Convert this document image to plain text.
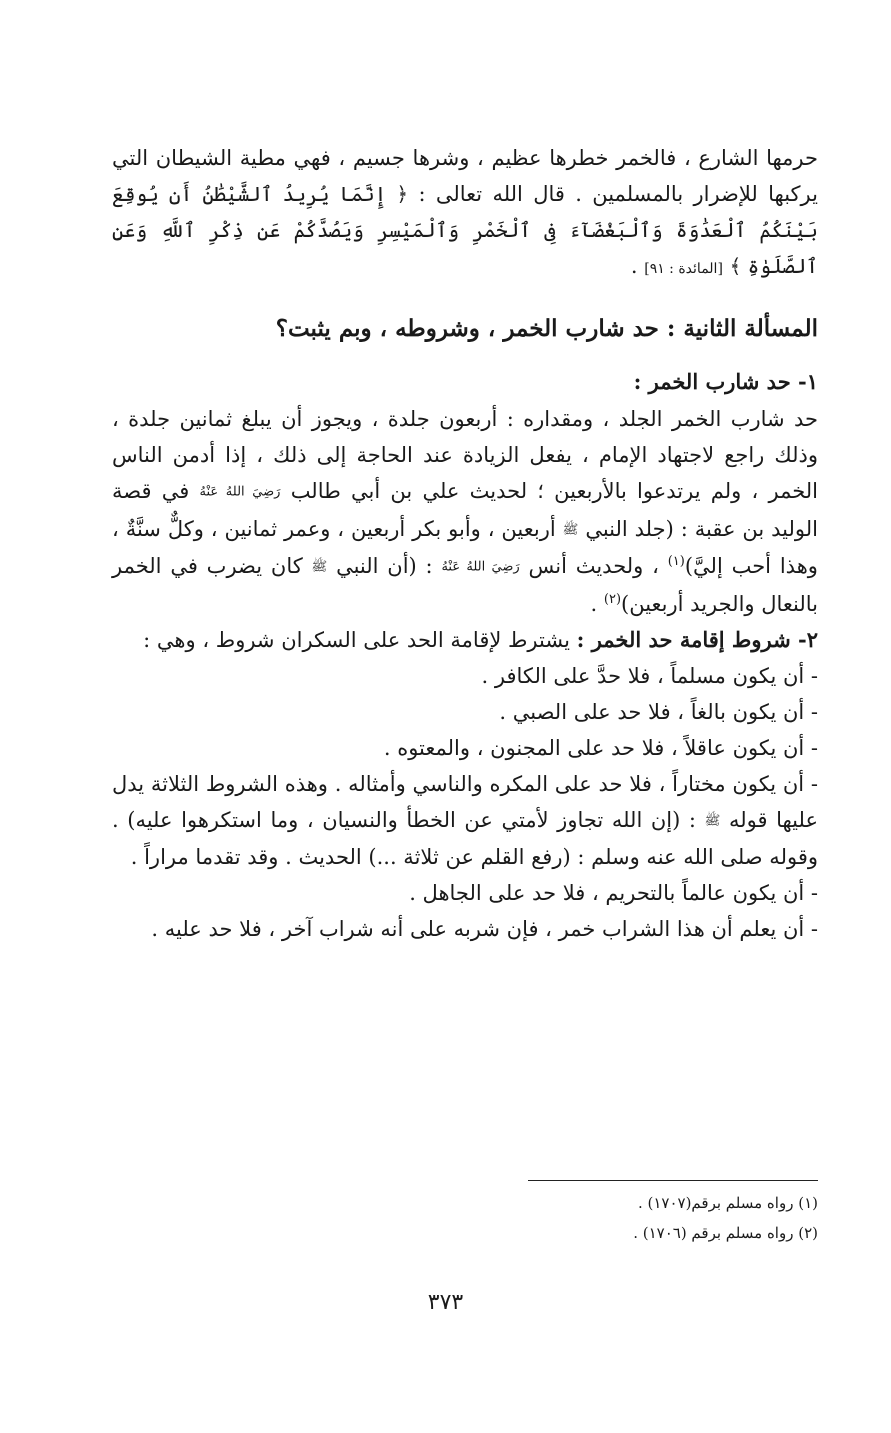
حرمها الشارع ، فالخمر خطرها عظيم ، وشرها جسيم ، فهي مطية الشيطان التي يركبها للإضرار بالمسلمين . قال الله تعالى : ﴿ إِنَّمَا يُرِيدُ ٱلشَّيْطَٰنُ أَن يُوقِعَ بَيْنَكُمُ ٱلْعَدَٰوَةَ وَٱلْبَغْضَآءَ فِى ٱلْخَمْرِ وَٱلْمَيْسِرِ وَيَصُدَّكُمْ عَن ذِكْرِ ٱللَّهِ وَعَنِ ٱلصَّلَوٰةِ ﴾ [المائدة : ٩١] .

المسألة الثانية : حد شارب الخمر ، وشروطه ، وبم يثبت؟
١- حد شارب الخمر :

حد شارب الخمر الجلد ، ومقداره : أربعون جلدة ، ويجوز أن يبلغ ثمانين جلدة ، وذلك راجع لاجتهاد الإمام ، يفعل الزيادة عند الحاجة إلى ذلك ، إذا أدمن الناس الخمر ، ولم يرتدعوا بالأربعين ؛ لحديث علي بن أبي طالب رَضِيَ اللهُ عَنْهُ في قصة الوليد بن عقبة : (جلد النبي ﷺ أربعين ، وأبو بكر أربعين ، وعمر ثمانين ، وكلٌّ سنَّةٌ ، وهذا أحب إليَّ)$^{(١)}$ ، ولحديث أنس رَضِيَ اللهُ عَنْهُ : (أن النبي ﷺ كان يضرب في الخمر بالنعال والجريد أربعين)$^{(٢)}$ .

٢- شروط إقامة حد الخمر : يشترط لإقامة الحد على السكران شروط ، وهي :

- أن يكون مسلماً ، فلا حدَّ على الكافر .

- أن يكون بالغاً ، فلا حد على الصبي .

- أن يكون عاقلاً ، فلا حد على المجنون ، والمعتوه .

- أن يكون مختاراً ، فلا حد على المكره والناسي وأمثاله . وهذه الشروط الثلاثة يدل عليها قوله ﷺ : (إن الله تجاوز لأمتي عن الخطأ والنسيان ، وما استكرهوا عليه) . وقوله صلى الله عنه وسلم : (رفع القلم عن ثلاثة ...) الحديث . وقد تقدما مراراً .

- أن يكون عالماً بالتحريم ، فلا حد على الجاهل .

- أن يعلم أن هذا الشراب خمر ، فإن شربه على أنه شراب آخر ، فلا حد عليه .

(١) رواه مسلم برقم(١٧٠٧) .

(٢) رواه مسلم برقم (١٧٠٦) .

٣٧٣
